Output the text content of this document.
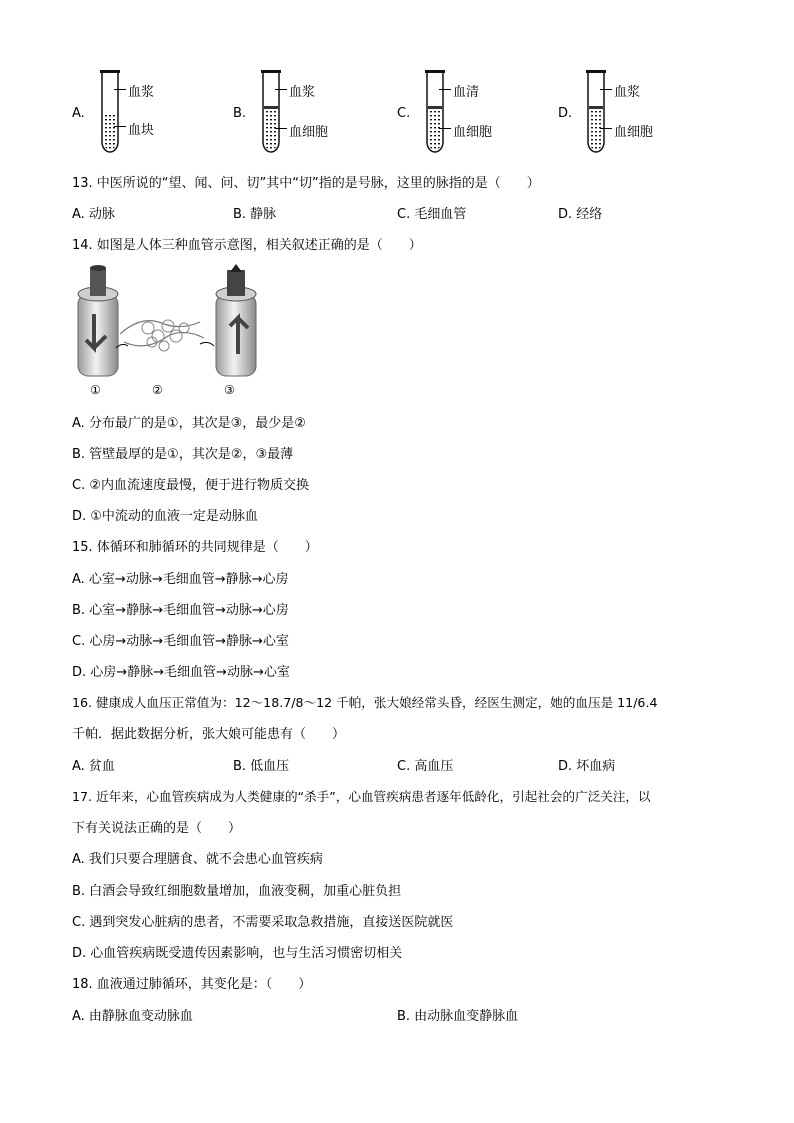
A.
血浆
血块
B.
血浆
血细胞
C.
血清
血细胞
D.
血浆
血细胞
13. 中医所说的“望、闻、问、切”其中“切”指的是号脉，这里的脉指的是（　　）
A. 动脉	B. 静脉	C. 毛细血管	D. 经络
14. 如图是人体三种血管示意图，相关叙述正确的是（　　）
①	②	③
A. 分布最广的是①，其次是③，最少是②
B. 管壁最厚的是①，其次是②，③最薄
C. ②内血流速度最慢，便于进行物质交换
D. ①中流动的血液一定是动脉血
15. 体循环和肺循环的共同规律是（　　）
A. 心室→动脉→毛细血管→静脉→心房
B. 心室→静脉→毛细血管→动脉→心房
C. 心房→动脉→毛细血管→静脉→心室
D. 心房→静脉→毛细血管→动脉→心室
16. 健康成人血压正常值为：12～18.7/8～12 千帕，张大娘经常头昏，经医生测定，她的血压是 11/6.4
千帕．据此数据分析，张大娘可能患有（　　）
A. 贫血	B. 低血压	C. 高血压	D. 坏血病
17. 近年来，心血管疾病成为人类健康的“杀手”，心血管疾病患者逐年低龄化，引起社会的广泛关注，以
下有关说法正确的是（　　）
A. 我们只要合理膳食、就不会患心血管疾病
B. 白酒会导致红细胞数量增加，血液变稠，加重心脏负担
C. 遇到突发心脏病的患者，不需要采取急救措施，直接送医院就医
D. 心血管疾病既受遗传因素影响，也与生活习惯密切相关
18. 血液通过肺循环，其变化是：（　　）
A. 由静脉血变动脉血	B. 由动脉血变静脉血
